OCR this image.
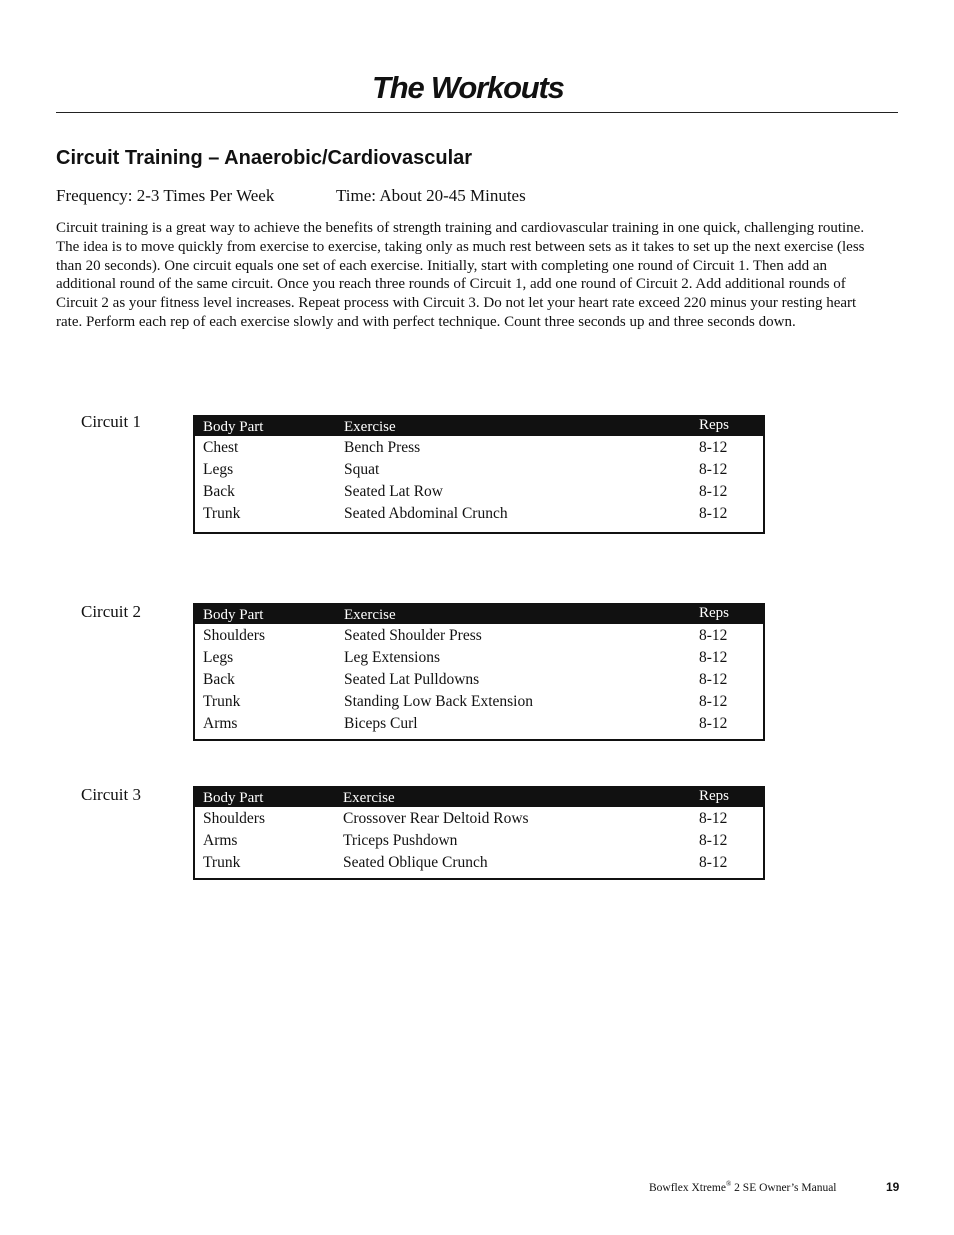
The Workouts
Circuit Training – Anaerobic/Cardiovascular
Frequency: 2-3 Times Per Week	Time: About 20-45 Minutes

Circuit training is a great way to achieve the benefits of strength training and cardiovascular training in one quick, challenging routine. The idea is to move quickly from exercise to exercise, taking only as much rest between sets as it takes to set up the next exercise (less than 20 seconds). One circuit equals one set of each exercise. Initially, start with completing one round of Circuit 1. Then add an additional round of the same circuit. Once you reach three rounds of Circuit 1, add one round of Circuit 2. Add additional rounds of Circuit 2 as your fitness level increases. Repeat process with Circuit 3. Do not let your heart rate exceed 220 minus your resting heart rate. Perform each rep of each exercise slowly and with perfect technique. Count three seconds up and three seconds down.

Circuit 1	Body Part	Exercise	Reps
Chest	Bench Press	8-12
Legs	Squat	8-12
Back	Seated Lat Row	8-12
Trunk	Seated Abdominal Crunch	8-12
Circuit 2	Body Part	Exercise	Reps
Shoulders	Seated Shoulder Press	8-12
Legs	Leg Extensions	8-12
Back	Seated Lat Pulldowns	8-12
Trunk	Standing Low Back Extension	8-12
Arms	Biceps Curl	8-12
Circuit 3	Body Part	Exercise	Reps
Shoulders	Crossover Rear Deltoid Rows	8-12
Arms	Triceps Pushdown	8-12
Trunk	Seated Oblique Crunch	8-12
Bowflex Xtreme® 2 SE Owner’s Manual	19
